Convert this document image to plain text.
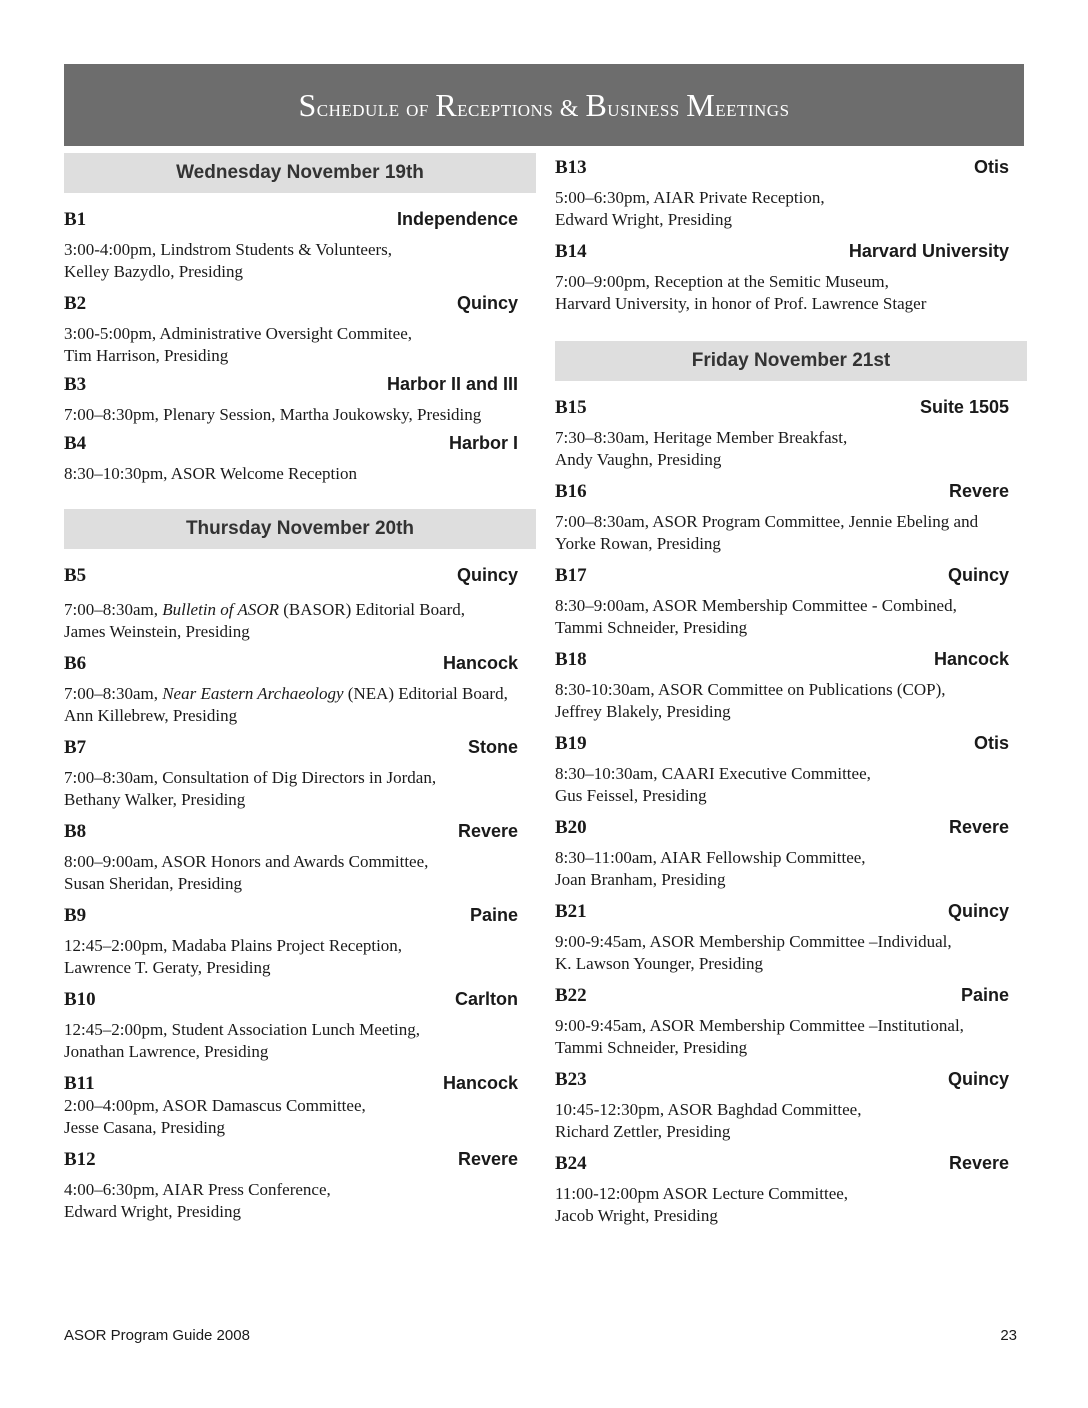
Schedule of Receptions & Business Meetings
Wednesday November 19th
B1	Independence
3:00-4:00pm, Lindstrom Students & Volunteers,
Kelley Bazydlo, Presiding
B2	Quincy
3:00-5:00pm, Administrative Oversight Commitee,
Tim Harrison, Presiding
B3	Harbor II and III
7:00–8:30pm, Plenary Session, Martha Joukowsky, Presiding
B4	Harbor I
8:30–10:30pm, ASOR Welcome Reception
Thursday November 20th
B5	Quincy
7:00–8:30am, Bulletin of ASOR (BASOR) Editorial Board,
James Weinstein, Presiding
B6	Hancock
7:00–8:30am, Near Eastern Archaeology (NEA) Editorial Board,
Ann Killebrew, Presiding
B7	Stone
7:00–8:30am, Consultation of Dig Directors in Jordan,
Bethany Walker, Presiding
B8	Revere
8:00–9:00am, ASOR Honors and Awards Committee,
Susan Sheridan, Presiding
B9	Paine
12:45–2:00pm, Madaba Plains Project Reception,
Lawrence T. Geraty, Presiding
B10	Carlton
12:45–2:00pm, Student Association Lunch Meeting,
Jonathan Lawrence, Presiding
B11	Hancock
2:00–4:00pm, ASOR Damascus Committee,
Jesse Casana, Presiding
B12	Revere
4:00–6:30pm, AIAR Press Conference,
Edward Wright, Presiding
B13	Otis
5:00–6:30pm, AIAR Private Reception,
Edward Wright, Presiding
B14	Harvard University
7:00–9:00pm, Reception at the Semitic Museum,
Harvard University, in honor of Prof. Lawrence Stager
Friday November 21st
B15	Suite 1505
7:30–8:30am, Heritage Member Breakfast,
Andy Vaughn, Presiding
B16	Revere
7:00–8:30am, ASOR Program Committee, Jennie Ebeling and
Yorke Rowan, Presiding
B17	Quincy
8:30–9:00am, ASOR Membership Committee - Combined,
Tammi Schneider, Presiding
B18	Hancock
8:30-10:30am, ASOR Committee on Publications (COP),
Jeffrey Blakely, Presiding
B19	Otis
8:30–10:30am, CAARI Executive Committee,
Gus Feissel, Presiding
B20	Revere
8:30–11:00am, AIAR Fellowship Committee,
Joan Branham, Presiding
B21	Quincy
9:00-9:45am, ASOR Membership Committee –Individual,
K. Lawson Younger, Presiding
B22	Paine
9:00-9:45am, ASOR Membership Committee –Institutional,
Tammi Schneider, Presiding
B23	Quincy
10:45-12:30pm, ASOR Baghdad Committee,
Richard Zettler, Presiding
B24	Revere
11:00-12:00pm ASOR Lecture Committee,
Jacob Wright, Presiding
ASOR Program Guide 2008	23
